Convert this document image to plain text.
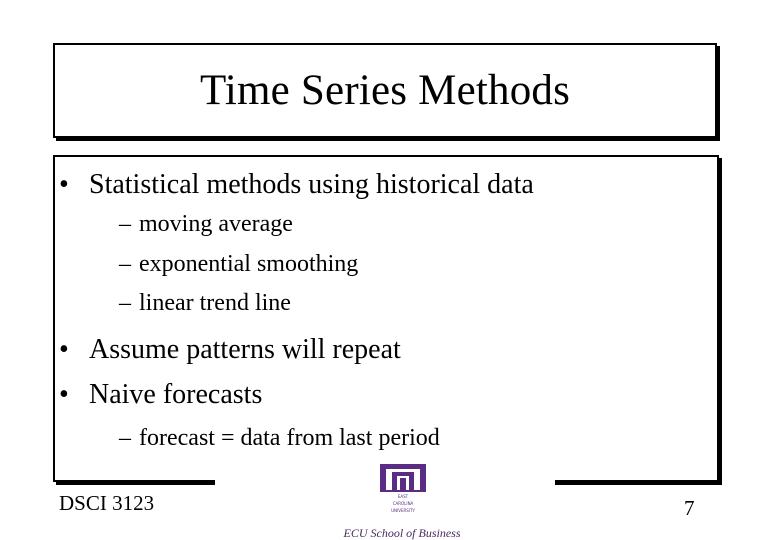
Time Series Methods
• Statistical methods using historical data
– moving average
– exponential smoothing
– linear trend line
• Assume patterns will repeat
• Naive forecasts
– forecast = data from last period
EAST
CAROLINA
UNIVERSITY
ECU School of Business
DSCI 3123	7
